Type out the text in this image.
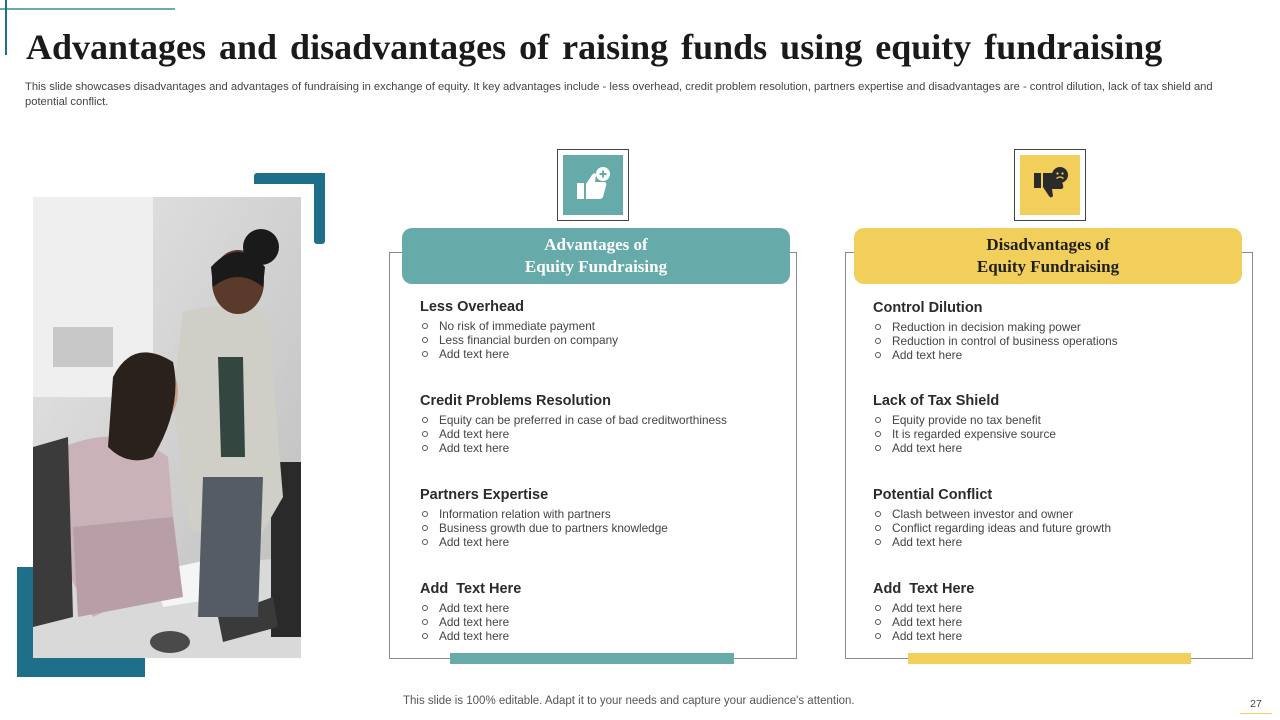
Advantages and disadvantages of raising funds using equity fundraising

This slide showcases disadvantages and advantages of fundraising in exchange of equity. It key advantages include - less overhead, credit problem resolution, partners expertise and disadvantages are - control dilution, lack of tax shield and potential conflict.

Advantages of
Equity Fundraising
Less Overhead
No risk of immediate payment
Less financial burden on company
Add text here
Credit Problems Resolution
Equity can be preferred in case of bad creditworthiness
Add text here
Add text here
Partners Expertise
Information relation with partners
Business growth due to partners knowledge
Add text here
Add  Text Here
Add text here
Add text here
Add text here
Disadvantages of
Equity Fundraising
Control Dilution
Reduction in decision making power
Reduction in control of business operations
Add text here
Lack of Tax Shield
Equity provide no tax benefit
It is regarded expensive source
Add text here
Potential Conflict
Clash between investor and owner
Conflict regarding ideas and future growth
Add text here
Add  Text Here
Add text here
Add text here
Add text here
This slide is 100% editable. Adapt it to your needs and capture your audience's attention.	27
